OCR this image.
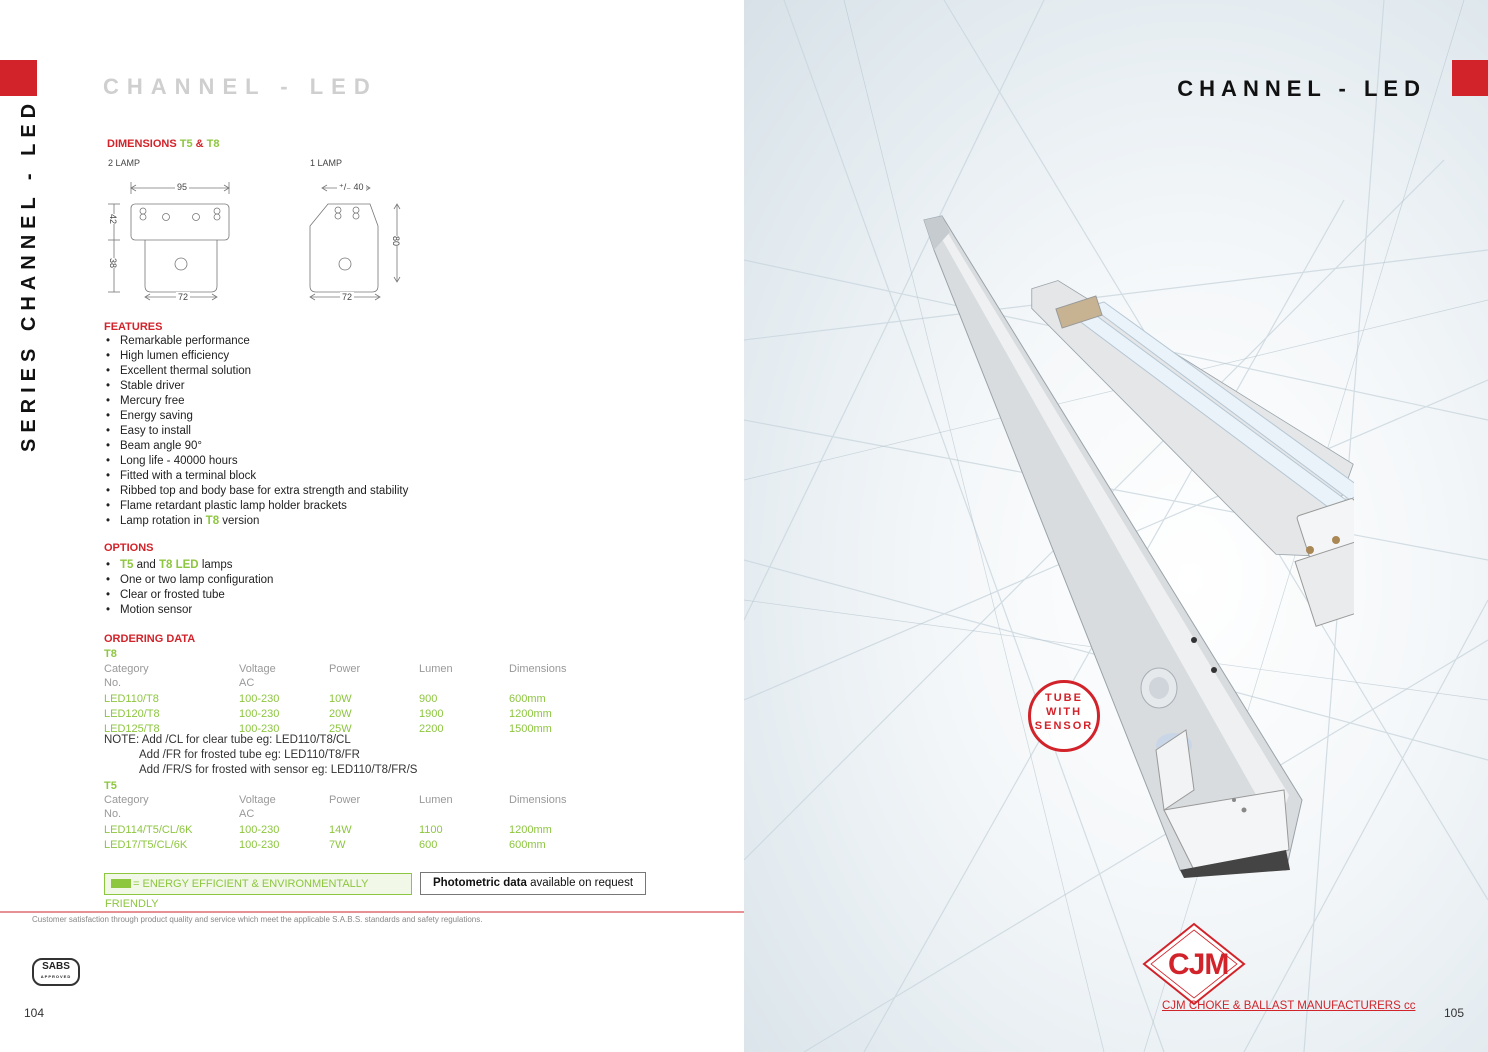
CHANNEL - LED
SERIES CHANNEL - LED	DIMENSIONS T5 & T8
2 LAMP	1 LAMP
95
42
38
72
⁺/₋ 40
80
72
FEATURES
• Remarkable performance
• High lumen efficiency
• Excellent thermal solution
• Stable driver
• Mercury free
• Energy saving
• Easy to install
• Beam angle 90°
• Long life - 40000 hours
• Fitted with a terminal block
• Ribbed top and body base for extra strength and stability
• Flame retardant plastic lamp holder brackets
• Lamp rotation in T8 version
OPTIONS
• T5 and T8 LED lamps
• One or two lamp configuration
• Clear or frosted tube
• Motion sensor
ORDERING DATA
T8
Category	Voltage	Power	Lumen	Dimensions
No.	AC			
LED110/T8	100-230	10W	900	600mm
LED120/T8	100-230	20W	1900	1200mm
LED125/T8	100-230	25W	2200	1500mm
NOTE: Add /CL for clear tube eg: LED110/T8/CL
Add /FR for frosted tube eg: LED110/T8/FR
Add /FR/S for frosted with sensor eg: LED110/T8/FR/S
T5
Category	Voltage	Power	Lumen	Dimensions
No.	AC			
LED114/T5/CL/6K	100-230	14W	1100	1200mm
LED17/T5/CL/6K	100-230	7W	600	600mm
= ENERGY EFFICIENT & ENVIRONMENTALLY FRIENDLY
Photometric data available on request
Customer satisfaction through product quality and service which meet the applicable S.A.B.S. standards and safety regulations.
SABS
APPROVED
104
CHANNEL - LED
TUBE
WITH
SENSOR
CJM
CJM CHOKE & BALLAST MANUFACTURERS cc 105
